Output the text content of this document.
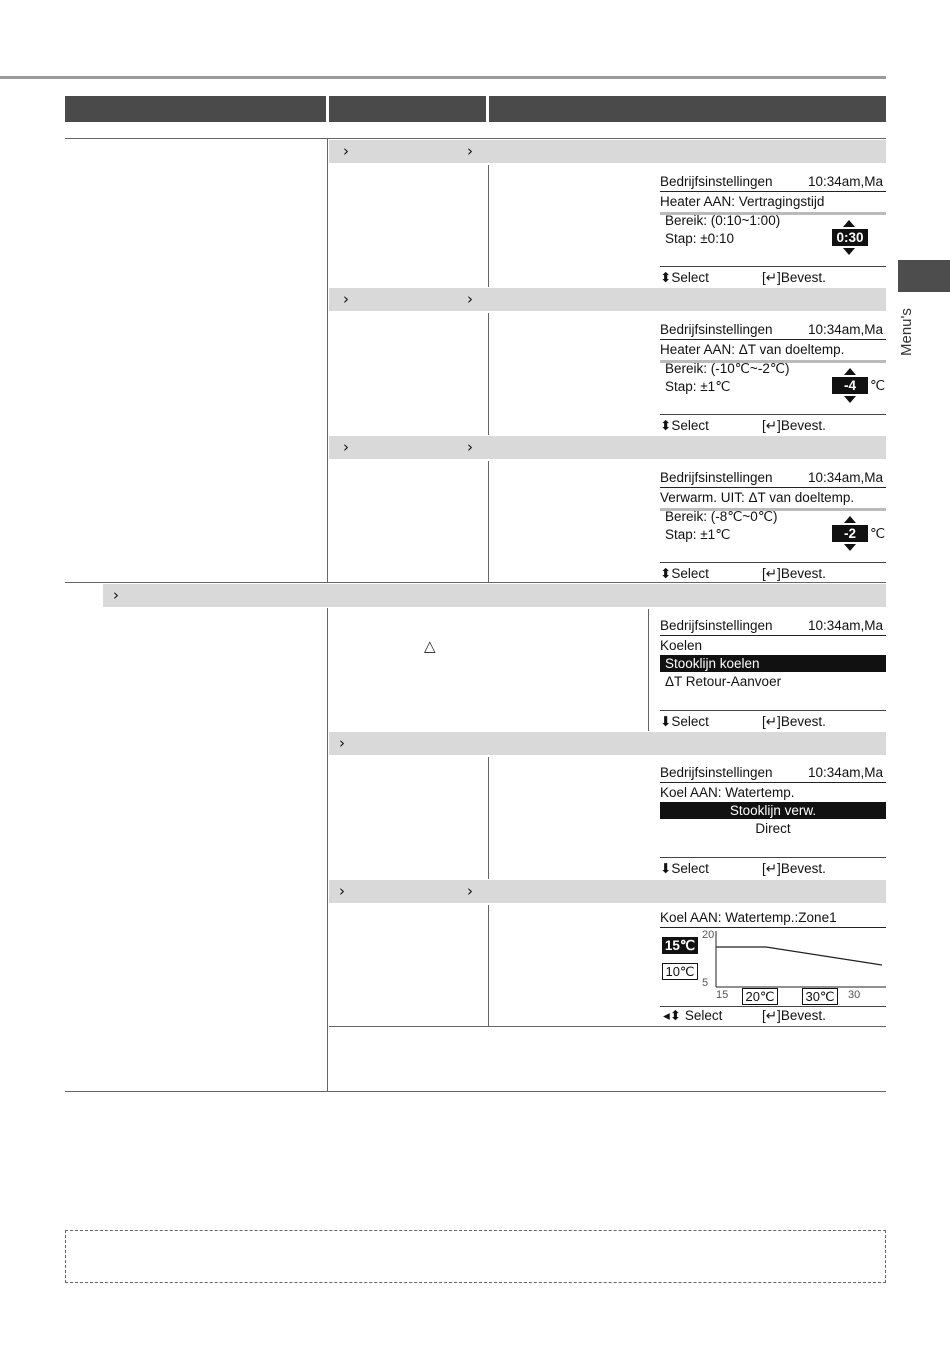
Menu's
›	›
›	›
›	›
›
›
›	›
△
Bedrijfsinstellingen	10:34am,Ma
Heater AAN: Vertragingstijd
Bereik: (0:10~1:00)
Stap: ±0:10	0:30
⬍Select	[↵]Bevest.
Bedrijfsinstellingen	10:34am,Ma
Heater AAN: ΔT van doeltemp.
Bereik: (-10℃~-2℃)
Stap: ±1℃	-4	℃
⬍Select	[↵]Bevest.
Bedrijfsinstellingen	10:34am,Ma
Verwarm. UIT: ΔT van doeltemp.
Bereik: (-8℃~0℃)
Stap: ±1℃	-2	℃
⬍Select	[↵]Bevest.
Bedrijfsinstellingen	10:34am,Ma
Koelen
Stooklijn koelen
ΔT Retour-Aanvoer
⬇Select	[↵]Bevest.
Bedrijfsinstellingen	10:34am,Ma
Koel AAN: Watertemp.
Stooklijn verw.
Direct
⬇Select	[↵]Bevest.
Koel AAN: Watertemp.:Zone1
20
5
15℃
10℃
15 20℃ 30℃	30
◂⬍ Select	[↵]Bevest.
